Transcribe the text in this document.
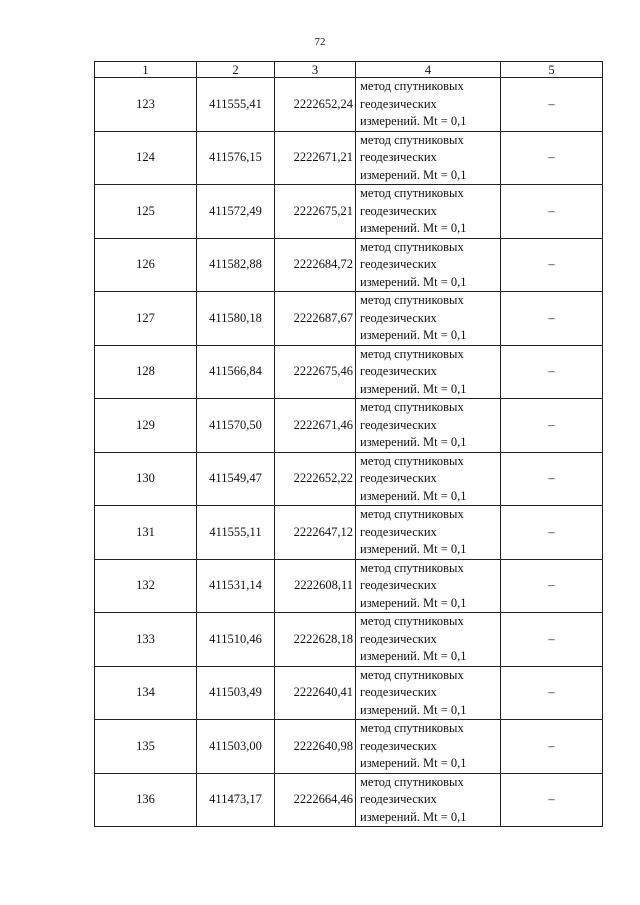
72
1	2	3	4	5
123	411555,41	2222652,24	метод спутниковых
геодезических
измерений. Mt = 0,1	–
124	411576,15	2222671,21	метод спутниковых
геодезических
измерений. Mt = 0,1	–
125	411572,49	2222675,21	метод спутниковых
геодезических
измерений. Mt = 0,1	–
126	411582,88	2222684,72	метод спутниковых
геодезических
измерений. Mt = 0,1	–
127	411580,18	2222687,67	метод спутниковых
геодезических
измерений. Mt = 0,1	–
128	411566,84	2222675,46	метод спутниковых
геодезических
измерений. Mt = 0,1	–
129	411570,50	2222671,46	метод спутниковых
геодезических
измерений. Mt = 0,1	–
130	411549,47	2222652,22	метод спутниковых
геодезических
измерений. Mt = 0,1	–
131	411555,11	2222647,12	метод спутниковых
геодезических
измерений. Mt = 0,1	–
132	411531,14	2222608,11	метод спутниковых
геодезических
измерений. Mt = 0,1	–
133	411510,46	2222628,18	метод спутниковых
геодезических
измерений. Mt = 0,1	–
134	411503,49	2222640,41	метод спутниковых
геодезических
измерений. Mt = 0,1	–
135	411503,00	2222640,98	метод спутниковых
геодезических
измерений. Mt = 0,1	–
136	411473,17	2222664,46	метод спутниковых
геодезических
измерений. Mt = 0,1	–
